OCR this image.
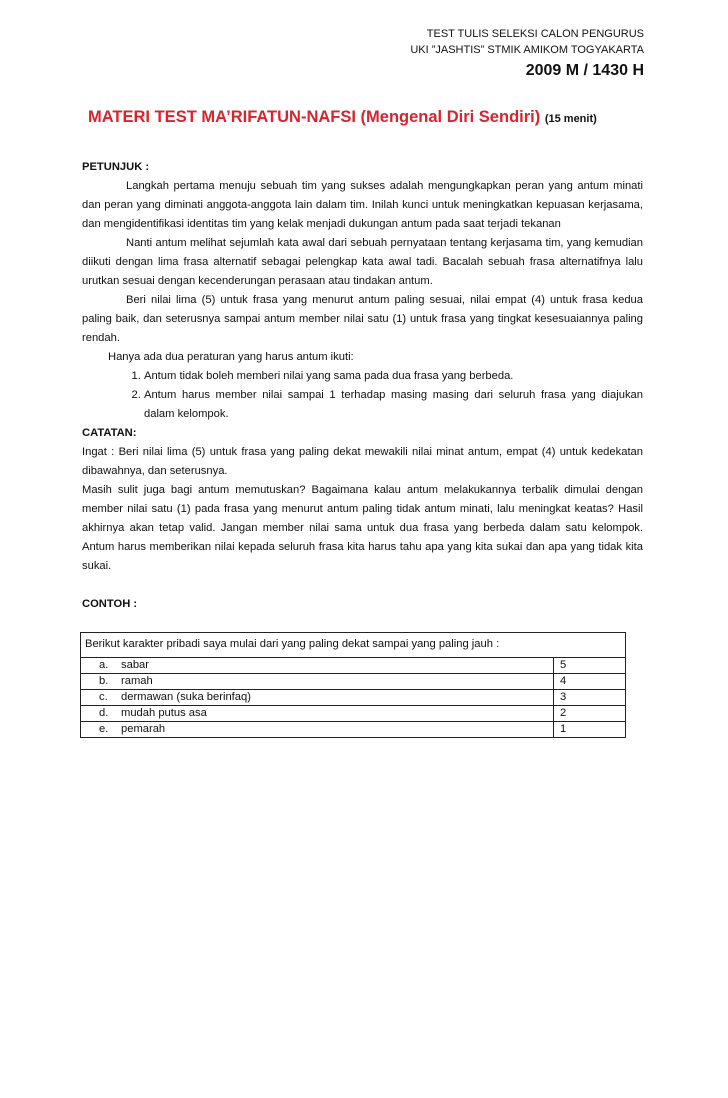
TEST TULIS SELEKSI CALON PENGURUS
UKI ”JASHTIS” STMIK AMIKOM TOGYAKARTA
2009 M / 1430 H
MATERI TEST MA’RIFATUN-NAFSI (Mengenal Diri Sendiri) (15 menit)

PETUNJUK :

Langkah pertama menuju sebuah tim yang sukses adalah mengungkapkan peran yang antum minati dan peran yang diminati anggota-anggota lain dalam tim. Inilah kunci untuk meningkatkan kepuasan kerjasama, dan mengidentifikasi identitas tim yang kelak menjadi dukungan antum pada saat terjadi tekanan

Nanti antum melihat sejumlah kata awal dari sebuah pernyataan tentang kerjasama tim, yang kemudian diikuti dengan lima frasa alternatif sebagai pelengkap kata awal tadi. Bacalah sebuah frasa alternatifnya lalu urutkan sesuai dengan kecenderungan perasaan atau tindakan antum.

Beri nilai lima (5) untuk frasa yang menurut antum paling sesuai, nilai empat (4) untuk frasa kedua paling baik, dan seterusnya sampai antum member nilai satu (1) untuk frasa yang tingkat kesesuaiannya paling rendah.

Hanya ada dua peraturan yang harus antum ikuti:

1. Antum tidak boleh memberi nilai yang sama pada dua frasa yang berbeda.
2. Antum harus member nilai sampai 1 terhadap masing masing dari seluruh frasa yang diajukan dalam kelompok.

CATATAN:

Ingat : Beri nilai lima (5) untuk frasa yang paling dekat mewakili nilai minat antum, empat (4) untuk kedekatan dibawahnya, dan seterusnya.

Masih sulit juga bagi antum memutuskan? Bagaimana kalau antum melakukannya terbalik dimulai dengan member nilai satu (1) pada frasa yang menurut antum paling tidak antum minati, lalu meningkat keatas? Hasil akhirnya akan tetap valid. Jangan member nilai sama untuk dua frasa yang berbeda dalam satu kelompok. Antum harus memberikan nilai kepada seluruh frasa kita harus tahu apa yang kita sukai dan apa yang tidak kita sukai.

CONTOH :

Berikut karakter pribadi saya mulai dari yang paling dekat sampai yang paling jauh :
a. sabar	5
b. ramah	4
c. dermawan (suka berinfaq)	3
d. mudah putus asa	2
e. pemarah	1
